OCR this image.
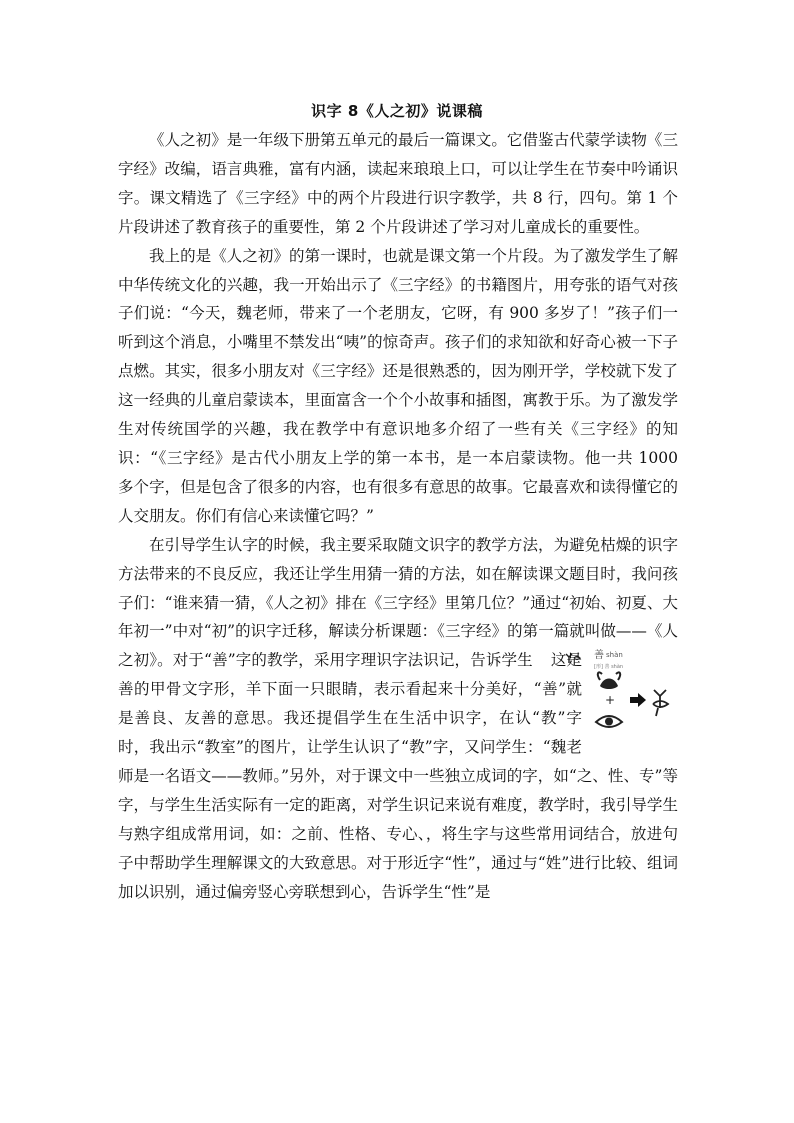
识字 8《人之初》说课稿

《人之初》是一年级下册第五单元的最后一篇课文。它借鉴古代蒙学读物《三字经》改编，语言典雅，富有内涵，读起来琅琅上口，可以让学生在节奏中吟诵识字。课文精选了《三字经》中的两个片段进行识字教学，共 8 行，四句。第 1 个片段讲述了教育孩子的重要性，第 2 个片段讲述了学习对儿童成长的重要性。

我上的是《人之初》的第一课时，也就是课文第一个片段。为了激发学生了解中华传统文化的兴趣，我一开始出示了《三字经》的书籍图片，用夸张的语气对孩子们说：“今天，魏老师，带来了一个老朋友，它呀，有 900 多岁了！”孩子们一听到这个消息，小嘴里不禁发出“咦”的惊奇声。孩子们的求知欲和好奇心被一下子点燃。其实，很多小朋友对《三字经》还是很熟悉的，因为刚开学，学校就下发了这一经典的儿童启蒙读本，里面富含一个个小故事和插图，寓教于乐。为了激发学生对传统国学的兴趣，我在教学中有意识地多介绍了一些有关《三字经》的知识：“《三字经》是古代小朋友上学的第一本书，是一本启蒙读物。他一共 1000 多个字，但是包含了很多的内容，也有很多有意思的故事。它最喜欢和读得懂它的人交朋友。你们有信心来读懂它吗？”

在引导学生认字的时候，我主要采取随文识字的教学方法，为避免枯燥的识字方法带来的不良反应，我还让学生用猜一猜的方法，如在解读课文题目时，我问孩子们：“谁来猜一猜，《人之初》排在《三字经》里第几位？”通过“初始、初夏、大年初一”中对“初”的识字迁移，解读分析课题：《三字经》的第一篇就叫做——《人之初》。	善 shàn
[形] 善 shàn
+
对于“善”字的教学，采用字理识字法识记，告诉学生 这是善的甲骨文字形，羊下面一只眼睛，表示看起来十分美好，“善”就是善良、友善的意思。我还提倡学生在生活中识字，在认“教”字时，我出示“教室”的图片，让学生认识了“教”字，又问学生：“魏老师是一名语文——教师。”另外，对于课文中一些独立成词的字，如“之、性、专”等字，与学生生活实际有一定的距离，对学生识记来说有难度，教学时，我引导学生与熟字组成常用词，如：之前、性格、专心、，将生字与这些常用词结合，放进句子中帮助学生理解课文的大致意思。对于形近字“性”，通过与“姓”进行比较、组词加以识别，通过偏旁竖心旁联想到心，告诉学生“性”是
